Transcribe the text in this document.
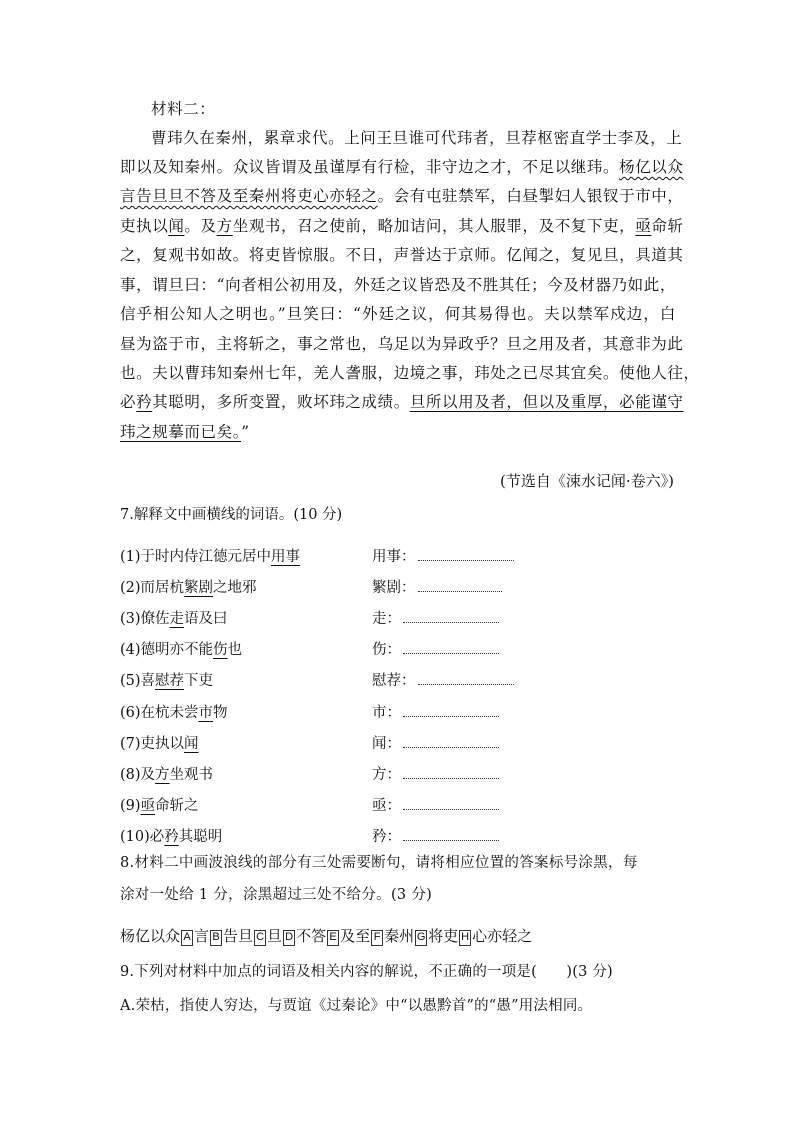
材料二：
曹玮久在秦州，累章求代。上问王旦谁可代玮者，旦荐枢密直学士李及，上
即以及知秦州。众议皆谓及虽谨厚有行检，非守边之才，不足以继玮。杨亿以众
言告旦旦不答及至秦州将吏心亦轻之。会有屯驻禁军，白昼掣妇人银钗于市中，
吏执以闻。及方坐观书，召之使前，略加诘问，其人服罪，及不复下吏，亟命斩
之，复观书如故。将吏皆惊服。不日，声誉达于京师。亿闻之，复见旦，具道其
事，谓旦曰：“向者相公初用及，外廷之议皆恐及不胜其任；今及材器乃如此，
信乎相公知人之明也。”旦笑曰：“外廷之议，何其易得也。夫以禁军戍边，白
昼为盗于市，主将斩之，事之常也，乌足以为异政乎？旦之用及者，其意非为此
也。夫以曹玮知秦州七年，羌人詟服，边境之事，玮处之已尽其宜矣。使他人往，
必矜其聪明，多所变置，败坏玮之成绩。旦所以用及者，但以及重厚，必能谨守
玮之规摹而已矣。”
(节选自《涑水记闻·卷六》)
7.解释文中画横线的词语。(10 分)
(1)于时内侍江德元居中用事	用事：
(2)而居杭繁剧之地邪	繁剧：
(3)僚佐走语及曰	走：
(4)德明亦不能伤也	伤：
(5)喜慰荐下吏	慰荐：
(6)在杭未尝市物	市：
(7)吏执以闻	闻：
(8)及方坐观书	方：
(9)亟命斩之	亟：
(10)必矜其聪明	矜：
8.材料二中画波浪线的部分有三处需要断句，请将相应位置的答案标号涂黑，每
涂对一处给 1 分，涂黑超过三处不给分。(3 分)
杨亿以众 A 言 B 告旦 C 旦 D 不答 E 及至 F 秦州 G 将吏 H 心亦轻之
9.下列对材料中加点的词语及相关内容的解说，不正确的一项是(　　)(3 分)
A.荣枯，指使人穷达，与贾谊《过秦论》中“以愚黔首”的“愚”用法相同。
